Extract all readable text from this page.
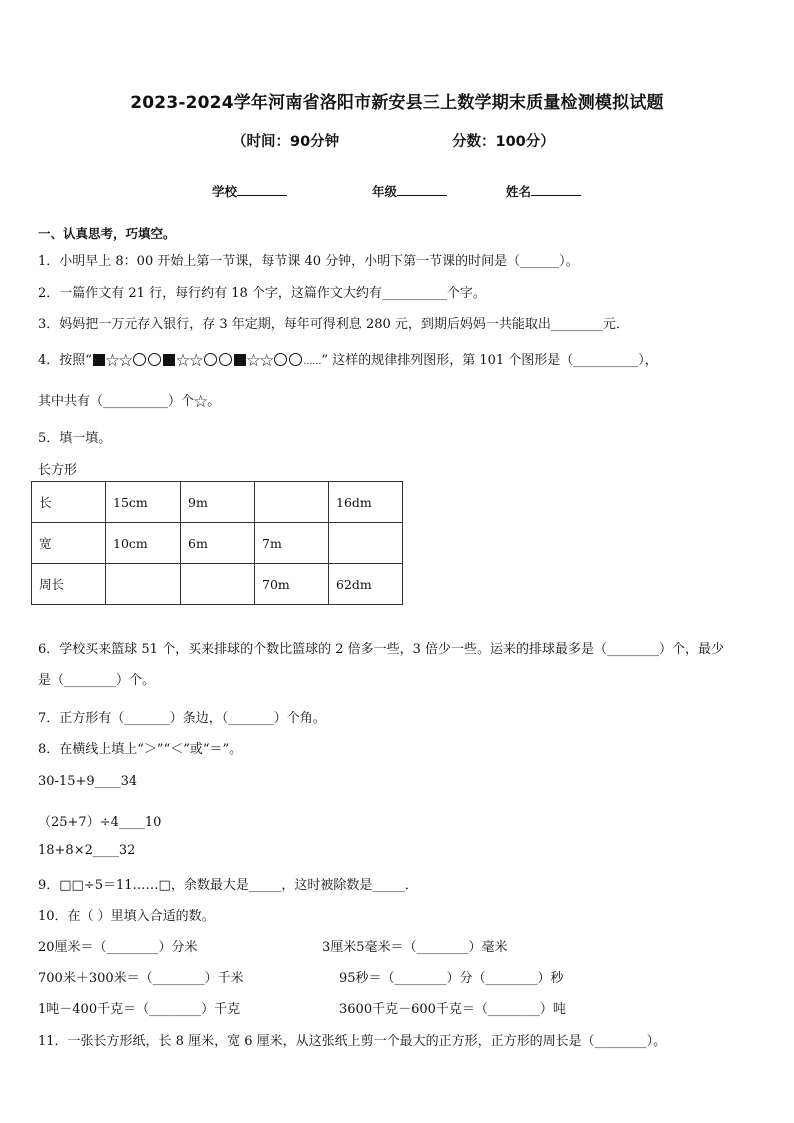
2023-2024学年河南省洛阳市新安县三上数学期末质量检测模拟试题
（时间：90分钟	分数：100分）
学校	年级	姓名
一、认真思考，巧填空。
1．小明早上 8：00 开始上第一节课，每节课 40 分钟，小明下第一节课的时间是（______）。
2．一篇作文有 21 行，每行约有 18 个字，这篇作文大约有__________个字。
3．妈妈把一万元存入银行，存 3 年定期，每年可得利息 280 元，到期后妈妈一共能取出________元．
4．按照“ ☆☆ ☆☆ ☆☆	……” 这样的规律排列图形，第 101 个图形是（__________），
其中共有（__________）个☆。
5．填一填。
长方形
长	15cm	9m		16dm
宽	10cm	6m	7m	
周长			70m	62dm
6．学校买来篮球 51 个，买来排球的个数比篮球的 2 倍多一些，3 倍少一些。运来的排球最多是（________）个，最少
是（________）个。
7．正方形有（_______）条边，（_______）个角。
8．在横线上填上“＞”“＜”或“＝”。
30-15+9____34
（25+7）÷4____10
18+8×2____32
9．□□÷5＝11……□，余数最大是_____，这时被除数是_____．
10．在（ ）里填入合适的数。
20厘米＝（________）分米	3厘米5毫米＝（________）毫米
700米＋300米＝（________）千米	95秒＝（________）分（________）秒
1吨－400千克＝（________）千克	3600千克－600千克＝（________）吨
11．一张长方形纸，长 8 厘米，宽 6 厘米，从这张纸上剪一个最大的正方形，正方形的周长是（________）。
